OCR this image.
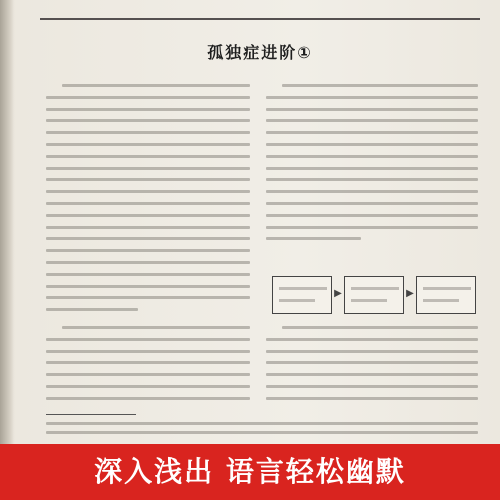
孤独症进阶①
▶	▶
深入浅出 语言轻松幽默
